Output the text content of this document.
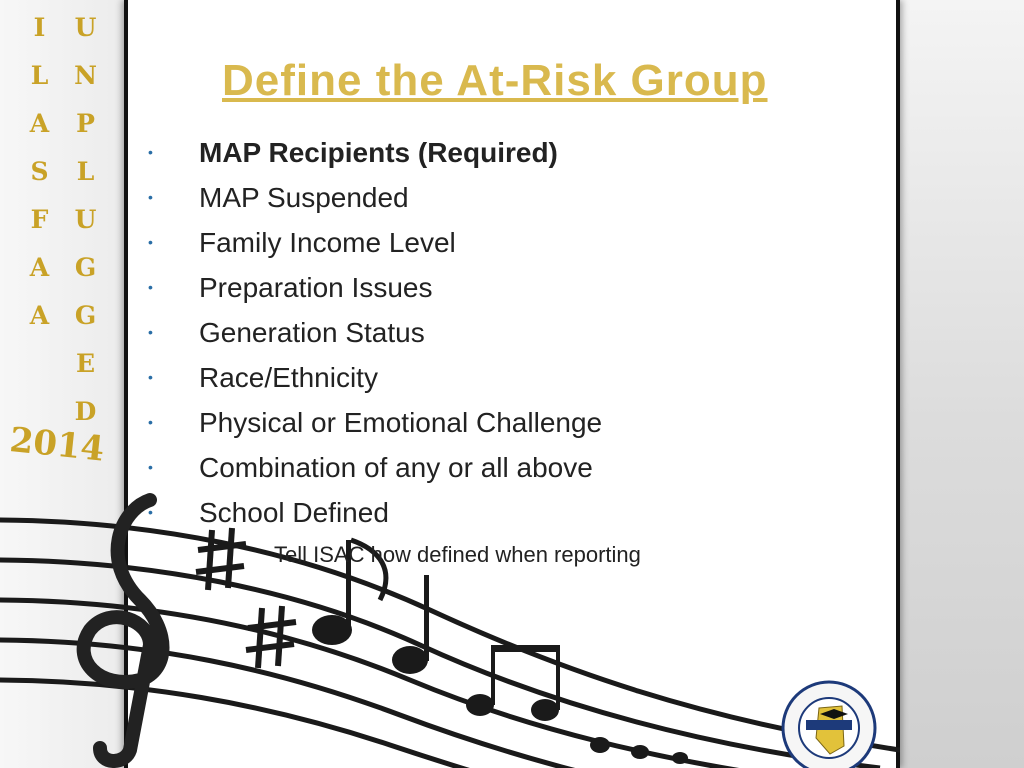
I
L
A
S
F
A
A
U
N
P
L
U
G
G
E
D
2014
Define the At-Risk Group
• MAP Recipients (Required)
• MAP Suspended
• Family Income Level
• Preparation Issues
• Generation Status
• Race/Ethnicity
• Physical or Emotional Challenge
• Combination of any or all above
• School Defined
Tell ISAC how defined when reporting
